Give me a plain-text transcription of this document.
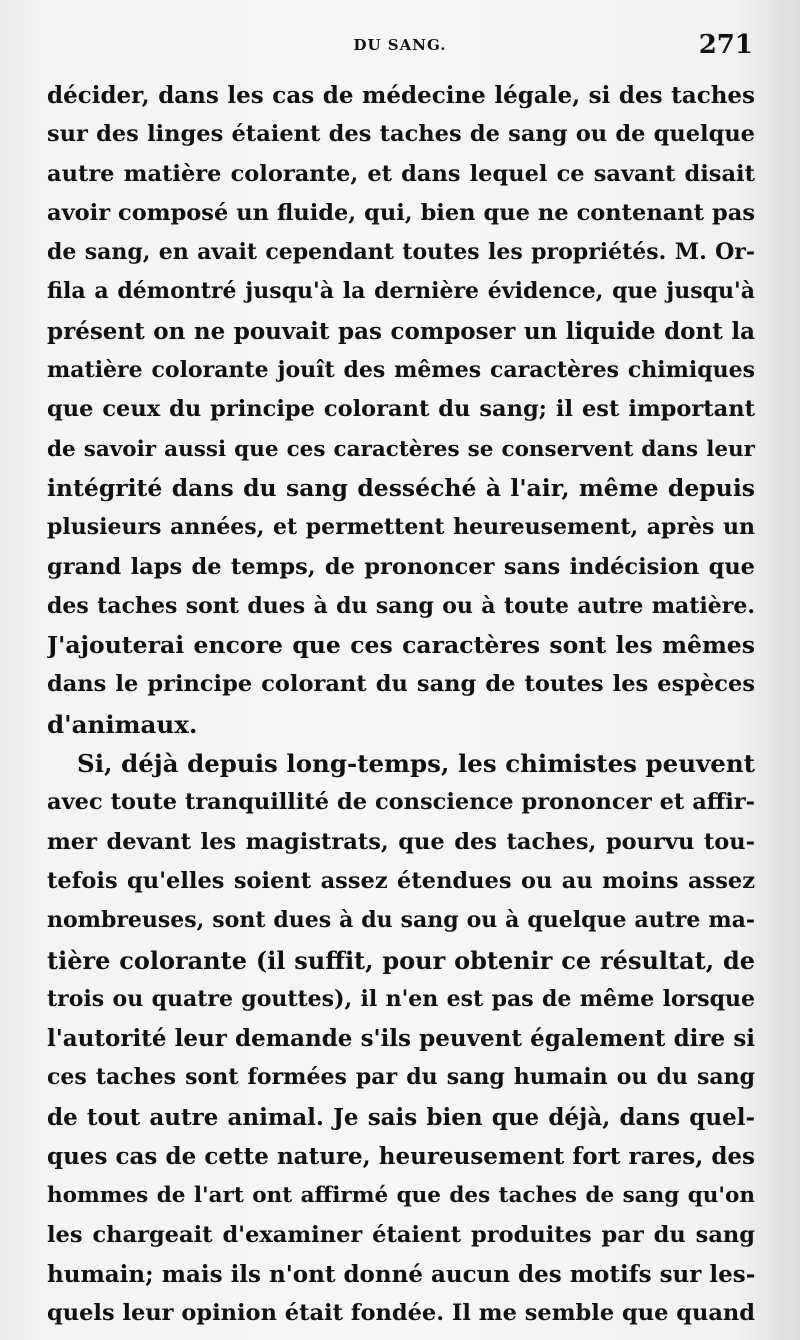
DU SANG.	271
décider, dans les cas de médecine légale, si des taches
sur des linges étaient des taches de sang ou de quelque
autre matière colorante, et dans lequel ce savant disait
avoir composé un fluide, qui, bien que ne contenant pas
de sang, en avait cependant toutes les propriétés. M. Or-
fila a démontré jusqu'à la dernière évidence, que jusqu'à
présent on ne pouvait pas composer un liquide dont la
matière colorante jouît des mêmes caractères chimiques
que ceux du principe colorant du sang; il est important
de savoir aussi que ces caractères se conservent dans leur
intégrité dans du sang desséché à l'air, même depuis
plusieurs années, et permettent heureusement, après un
grand laps de temps, de prononcer sans indécision que
des taches sont dues à du sang ou à toute autre matière.
J'ajouterai encore que ces caractères sont les mêmes
dans le principe colorant du sang de toutes les espèces
d'animaux.
Si, déjà depuis long-temps, les chimistes peuvent
avec toute tranquillité de conscience prononcer et affir-
mer devant les magistrats, que des taches, pourvu tou-
tefois qu'elles soient assez étendues ou au moins assez
nombreuses, sont dues à du sang ou à quelque autre ma-
tière colorante (il suffit, pour obtenir ce résultat, de
trois ou quatre gouttes), il n'en est pas de même lorsque
l'autorité leur demande s'ils peuvent également dire si
ces taches sont formées par du sang humain ou du sang
de tout autre animal. Je sais bien que déjà, dans quel-
ques cas de cette nature, heureusement fort rares, des
hommes de l'art ont affirmé que des taches de sang qu'on
les chargeait d'examiner étaient produites par du sang
humain; mais ils n'ont donné aucun des motifs sur les-
quels leur opinion était fondée. Il me semble que quand
